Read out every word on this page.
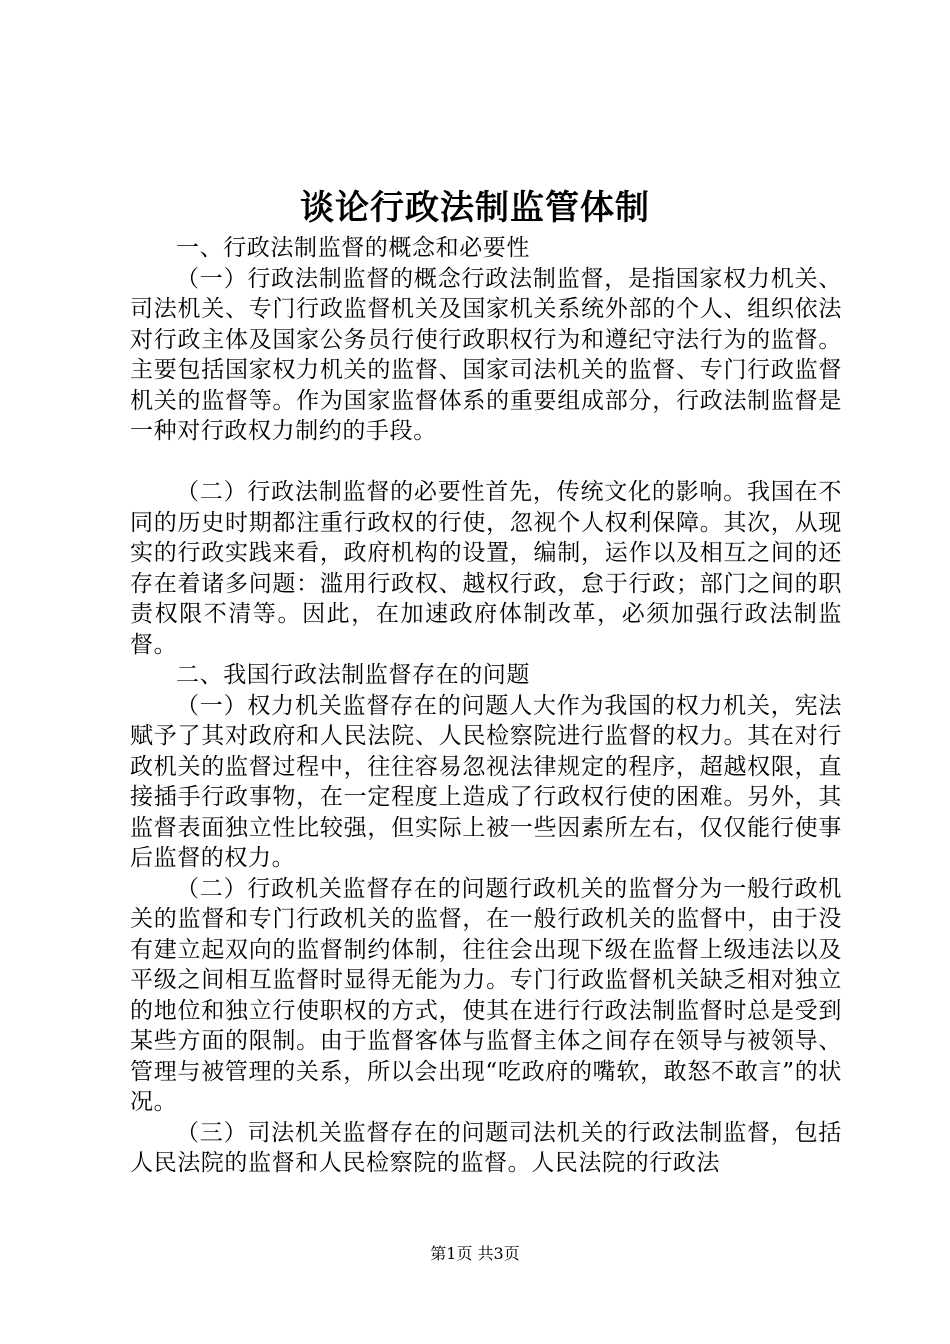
谈论行政法制监管体制

一、行政法制监督的概念和必要性

（一）行政法制监督的概念行政法制监督，是指国家权力机关、司法机关、专门行政监督机关及国家机关系统外部的个人、组织依法对行政主体及国家公务员行使行政职权行为和遵纪守法行为的监督。主要包括国家权力机关的监督、国家司法机关的监督、专门行政监督机关的监督等。作为国家监督体系的重要组成部分，行政法制监督是一种对行政权力制约的手段。

（二）行政法制监督的必要性首先，传统文化的影响。我国在不同的历史时期都注重行政权的行使，忽视个人权利保障。其次，从现实的行政实践来看，政府机构的设置，编制，运作以及相互之间的还存在着诸多问题：滥用行政权、越权行政，怠于行政；部门之间的职责权限不清等。因此，在加速政府体制改革，必须加强行政法制监督。

二、我国行政法制监督存在的问题

（一）权力机关监督存在的问题人大作为我国的权力机关，宪法赋予了其对政府和人民法院、人民检察院进行监督的权力。其在对行政机关的监督过程中，往往容易忽视法律规定的程序，超越权限，直接插手行政事物，在一定程度上造成了行政权行使的困难。另外，其监督表面独立性比较强，但实际上被一些因素所左右，仅仅能行使事后监督的权力。

（二）行政机关监督存在的问题行政机关的监督分为一般行政机关的监督和专门行政机关的监督，在一般行政机关的监督中，由于没有建立起双向的监督制约体制，往往会出现下级在监督上级违法以及平级之间相互监督时显得无能为力。专门行政监督机关缺乏相对独立的地位和独立行使职权的方式，使其在进行行政法制监督时总是受到某些方面的限制。由于监督客体与监督主体之间存在领导与被领导、管理与被管理的关系，所以会出现“吃政府的嘴软，敢怒不敢言”的状况。

（三）司法机关监督存在的问题司法机关的行政法制监督，包括人民法院的监督和人民检察院的监督。人民法院的行政法

第1页 共3页
